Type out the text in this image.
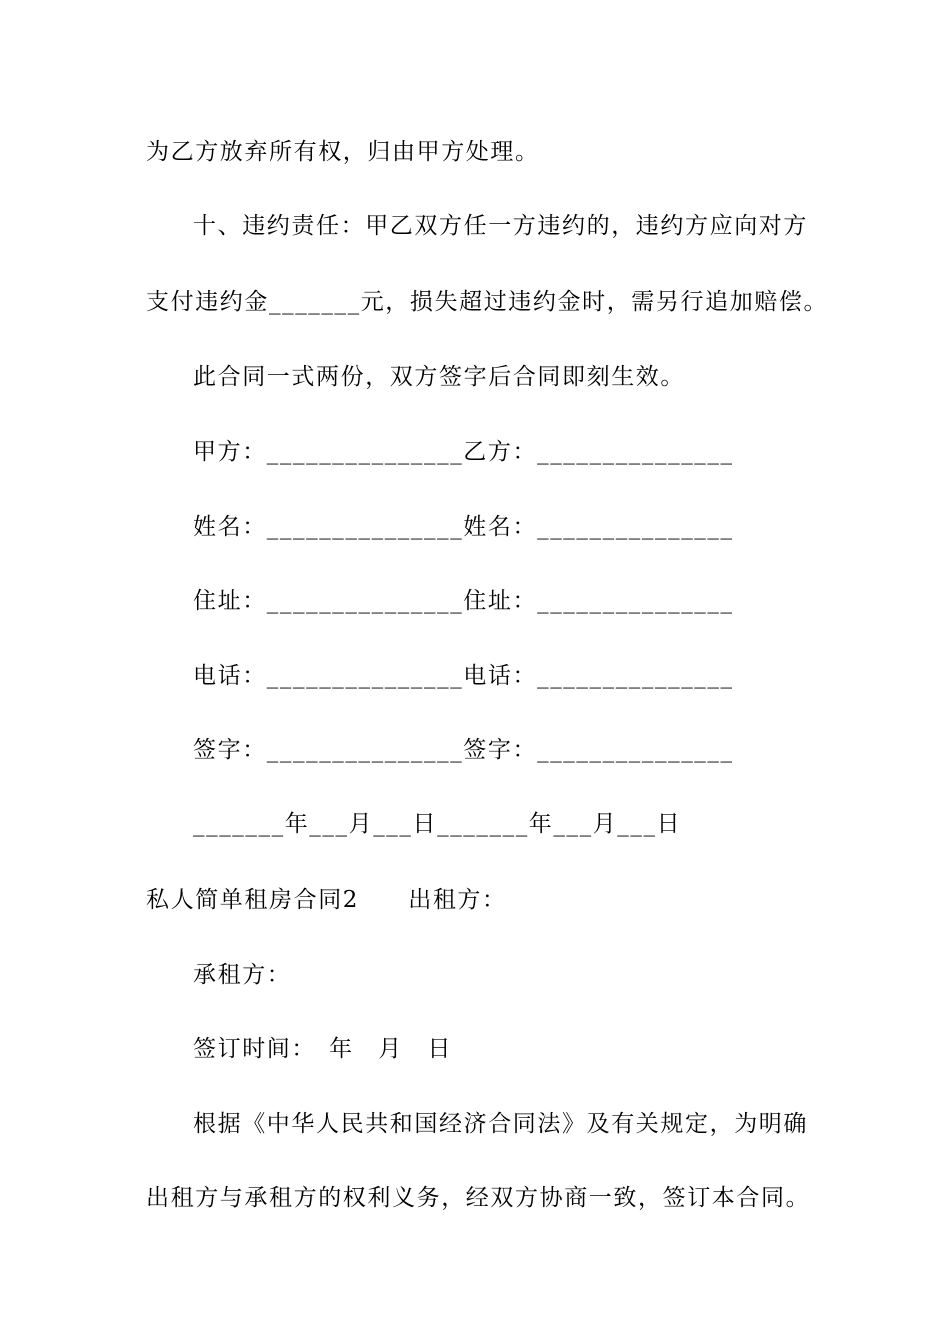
为乙方放弃所有权，归由甲方处理。
十、违约责任：甲乙双方任一方违约的，违约方应向对方
支付违约金_______元，损失超过违约金时，需另行追加赔偿。
此合同一式两份，双方签字后合同即刻生效。
甲方：_______________乙方：_______________
姓名：_______________姓名：_______________
住址：_______________住址：_______________
电话：_______________电话：_______________
签字：_______________签字：_______________
_______年___月___日_______年___月___日
私人简单租房合同2　　出租方：
承租方：
签订时间：　年　月　日
根据《中华人民共和国经济合同法》及有关规定，为明确
出租方与承租方的权利义务，经双方协商一致，签订本合同。
